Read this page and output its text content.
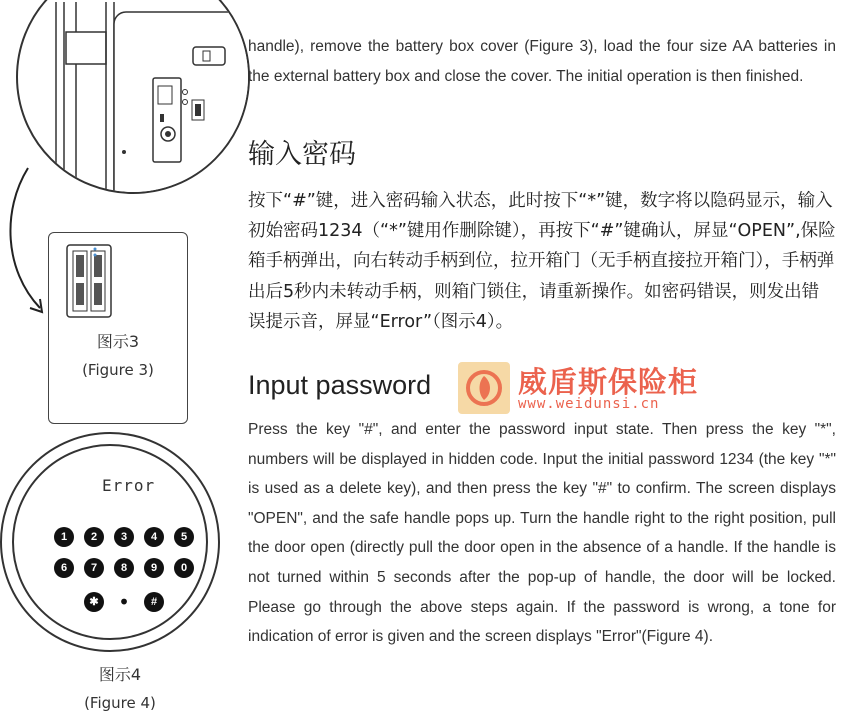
图示3
(Figure 3)
Error
1	2	3	4	5
6	7	8	9	0
✱ •	#
图示4
(Figure 4)
handle), remove the battery box cover (Figure 3), load the four size AA batteries in the external battery box and close the cover. The initial operation is then finished.
输入密码
按下“#”键，进入密码输入状态，此时按下“*”键，数字将以隐码显示，输入初始密码1234（“*”键用作删除键），再按下“#”键确认，屏显“OPEN”,保险箱手柄弹出，向右转动手柄到位，拉开箱门（无手柄直接拉开箱门），手柄弹出后5秒内未转动手柄，则箱门锁住，请重新操作。如密码错误，则发出错误提示音，屏显“Error”（图示4）。
Input password	威盾斯保险柜
www.weidunsi.cn
Press the key "#", and enter the password input state. Then press the key "*", numbers will be displayed in hidden code. Input the initial password 1234 (the key "*" is used as a delete key), and then press the key "#" to confirm. The screen displays "OPEN", and the safe handle pops up. Turn the handle right to the right position, pull the door open (directly pull the door open in the absence of a handle. If the handle is not turned within 5 seconds after the pop-up of handle, the door will be locked. Please go through the above steps again. If the password is wrong, a tone for indication of error is given and the screen displays "Error"(Figure 4).
